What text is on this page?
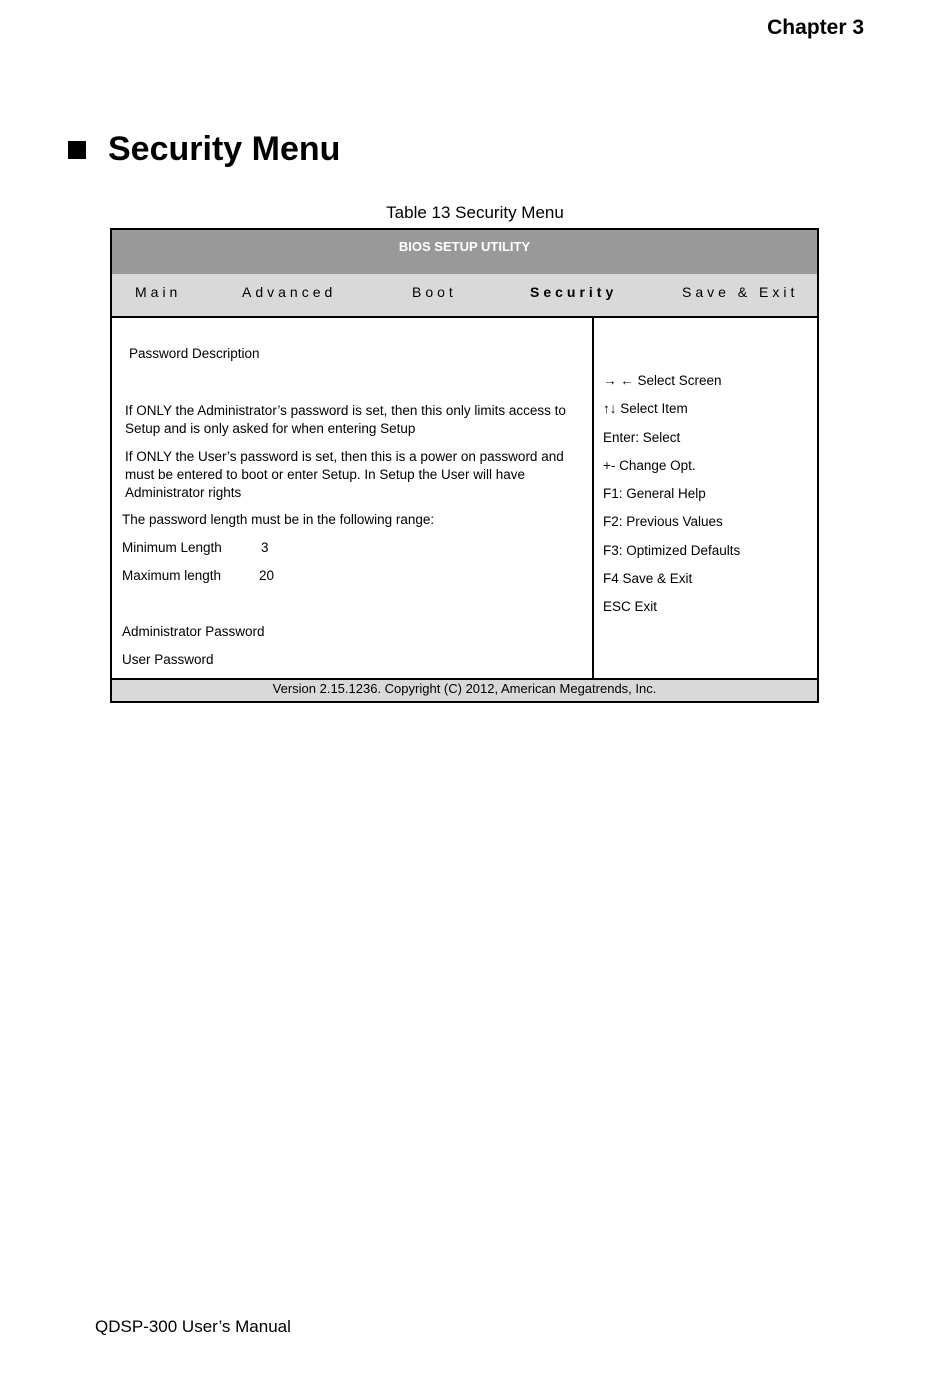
Chapter 3
Security Menu
Table 13 Security Menu
BIOS SETUP UTILITY
Main	Advanced	Boot	Security	Save & Exit
Password Description
If ONLY the Administrator’s password is set, then this only limits access to Setup and is only asked for when entering Setup
If ONLY the User’s password is set, then this is a power on password and must be entered to boot or enter Setup. In Setup the User will have Administrator rights
The password length must be in the following range:
Minimum Length	3
Maximum length	20
Administrator Password
User Password
→ ← Select Screen
↑↓ Select Item
Enter: Select
+- Change Opt.
F1: General Help
F2: Previous Values
F3: Optimized Defaults
F4 Save & Exit
ESC Exit
Version 2.15.1236. Copyright (C) 2012, American Megatrends, Inc.
QDSP-300 User’s Manual
